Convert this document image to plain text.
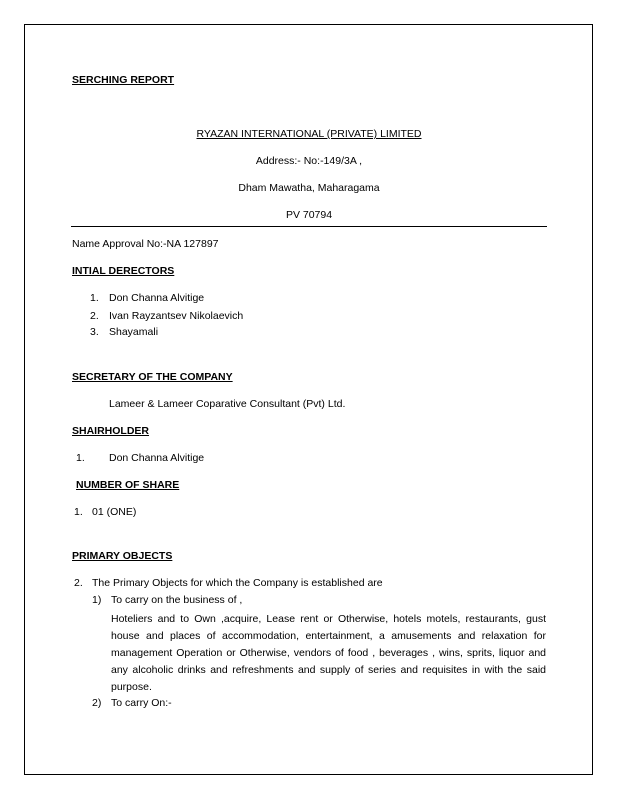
SERCHING REPORT
RYAZAN INTERNATIONAL (PRIVATE) LIMITED
Address:- No:-149/3A ,
Dham Mawatha, Maharagama
PV 70794
Name Approval No:-NA 127897
INTIAL DERECTORS
1. Don Channa Alvitige
2. Ivan Rayzantsev Nikolaevich
3. Shayamali
SECRETARY OF THE COMPANY
Lameer & Lameer Coparative Consultant (Pvt) Ltd.
SHAIRHOLDER
1. Don Channa Alvitige
NUMBER OF SHARE
1. 01 (ONE)
PRIMARY OBJECTS
2. The Primary Objects for which the Company is established are
1) To carry on the business of ,
Hoteliers and to Own ,acquire, Lease rent or Otherwise, hotels motels, restaurants, gust house and places of accommodation, entertainment, a amusements and relaxation for management Operation or Otherwise, vendors of food , beverages , wins, sprits, liquor and any alcoholic drinks and refreshments and supply of series and requisites in with the said purpose.
2) To carry On:-
